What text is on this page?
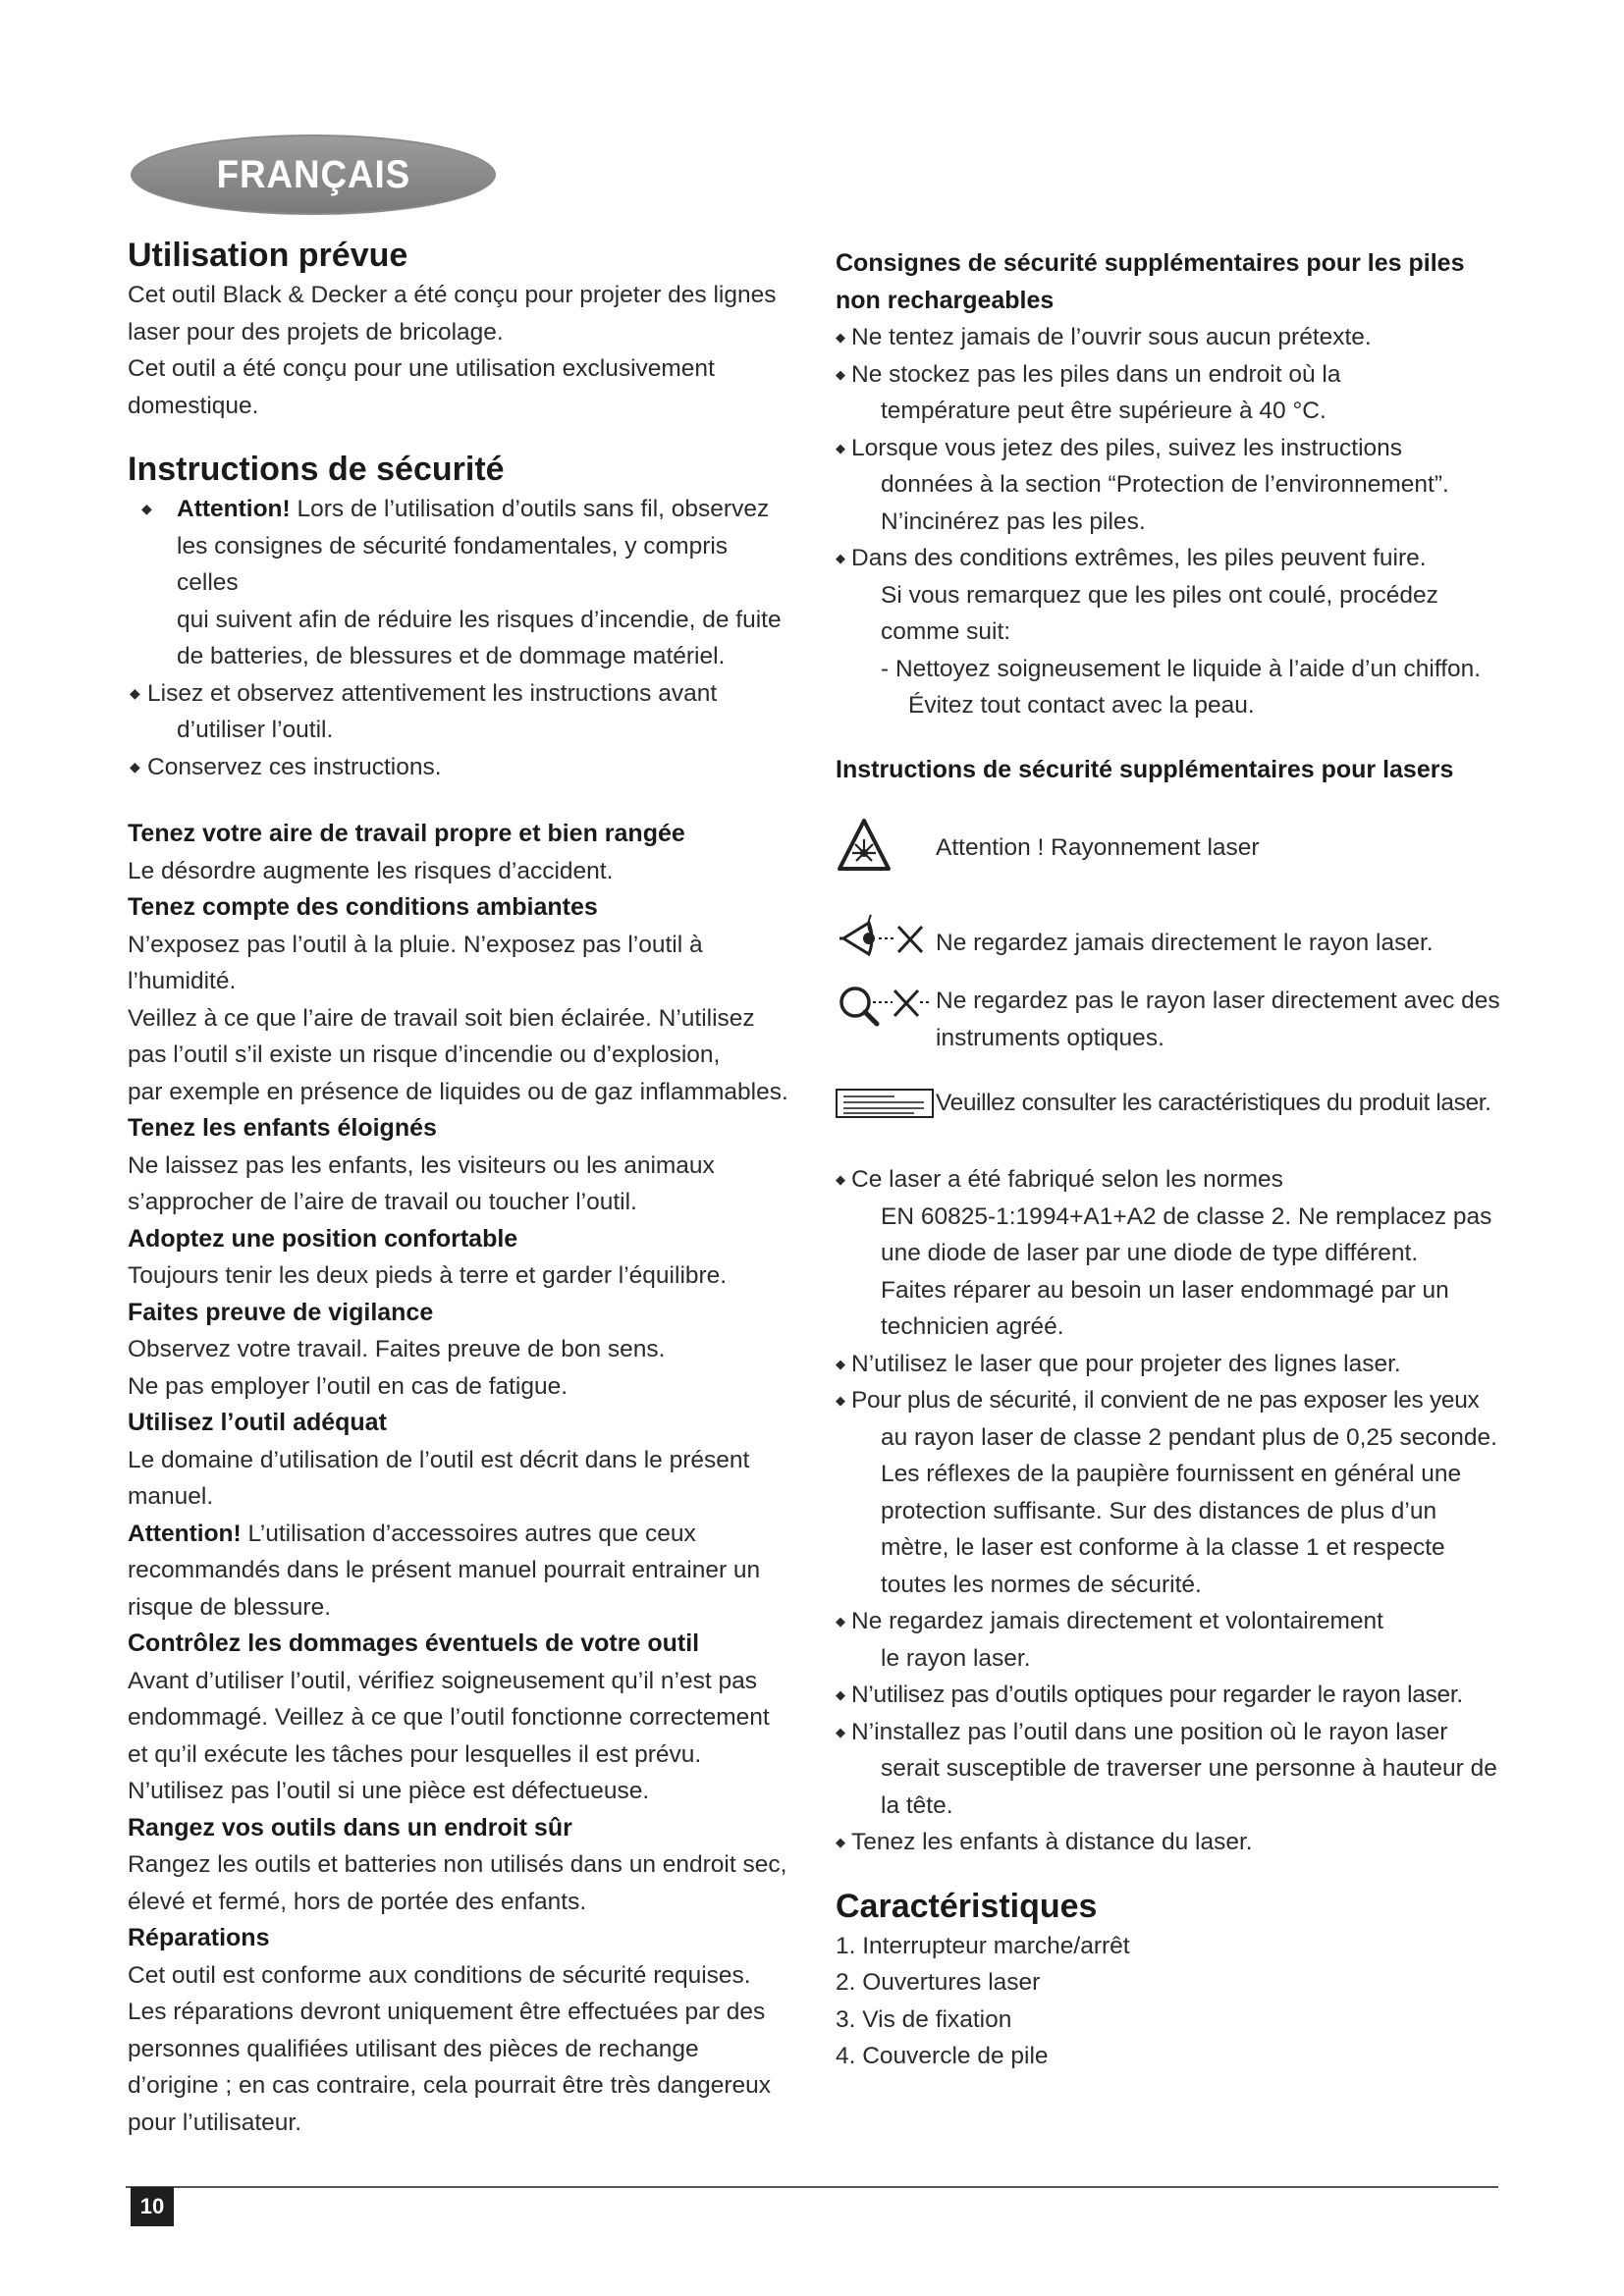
FRANÇAIS
Utilisation prévue

Cet outil Black & Decker a été conçu pour projeter des lignes

laser pour des projets de bricolage.

Cet outil a été conçu pour une utilisation exclusivement

domestique.

Instructions de sécurité
◆ Attention! Lors de l’utilisation d’outils sans fil, observez
les consignes de sécurité fondamentales, y compris celles
qui suivent afin de réduire les risques d’incendie, de fuite
de batteries, de blessures et de dommage matériel.
◆ Lisez et observez attentivement les instructions avant
d’utiliser l’outil.
◆ Conservez ces instructions.
Tenez votre aire de travail propre et bien rangée

Le désordre augmente les risques d’accident.

Tenez compte des conditions ambiantes

N’exposez pas l’outil à la pluie. N’exposez pas l’outil à l’humidité.

Veillez à ce que l’aire de travail soit bien éclairée. N’utilisez

pas l’outil s’il existe un risque d’incendie ou d’explosion,

par exemple en présence de liquides ou de gaz inflammables.

Tenez les enfants éloignés

Ne laissez pas les enfants, les visiteurs ou les animaux

s’approcher de l’aire de travail ou toucher l’outil.

Adoptez une position confortable

Toujours tenir les deux pieds à terre et garder l’équilibre.

Faites preuve de vigilance

Observez votre travail. Faites preuve de bon sens.

Ne pas employer l’outil en cas de fatigue.

Utilisez l’outil adéquat

Le domaine d’utilisation de l’outil est décrit dans le présent

manuel.

Attention! L’utilisation d’accessoires autres que ceux

recommandés dans le présent manuel pourrait entrainer un

risque de blessure.

Contrôlez les dommages éventuels de votre outil

Avant d’utiliser l’outil, vérifiez soigneusement qu’il n’est pas

endommagé. Veillez à ce que l’outil fonctionne correctement

et qu’il exécute les tâches pour lesquelles il est prévu.

N’utilisez pas l’outil si une pièce est défectueuse.

Rangez vos outils dans un endroit sûr

Rangez les outils et batteries non utilisés dans un endroit sec,

élevé et fermé, hors de portée des enfants.

Réparations

Cet outil est conforme aux conditions de sécurité requises.

Les réparations devront uniquement être effectuées par des

personnes qualifiées utilisant des pièces de rechange

d’origine ; en cas contraire, cela pourrait être très dangereux

pour l’utilisateur.

Consignes de sécurité supplémentaires pour les piles
non rechargeables
◆ Ne tentez jamais de l’ouvrir sous aucun prétexte.
◆ Ne stockez pas les piles dans un endroit où la
température peut être supérieure à 40 °C.
◆ Lorsque vous jetez des piles, suivez les instructions
données à la section “Protection de l’environnement”.
N’incinérez pas les piles.
◆ Dans des conditions extrêmes, les piles peuvent fuire.
Si vous remarquez que les piles ont coulé, procédez
comme suit:
- Nettoyez soigneusement le liquide à l’aide d’un chiffon.
Évitez tout contact avec la peau.
Instructions de sécurité supplémentaires pour lasers
Attention ! Rayonnement laser
Ne regardez jamais directement le rayon laser.
Ne regardez pas le rayon laser directement avec des
instruments optiques.
Veuillez consulter les caractéristiques du produit laser.
◆ Ce laser a été fabriqué selon les normes
EN 60825-1:1994+A1+A2 de classe 2. Ne remplacez pas
une diode de laser par une diode de type différent.
Faites réparer au besoin un laser endommagé par un
technicien agréé.
◆ N’utilisez le laser que pour projeter des lignes laser.
◆ Pour plus de sécurité, il convient de ne pas exposer les yeux
au rayon laser de classe 2 pendant plus de 0,25 seconde.
Les réflexes de la paupière fournissent en général une
protection suffisante. Sur des distances de plus d’un
mètre, le laser est conforme à la classe 1 et respecte
toutes les normes de sécurité.
◆ Ne regardez jamais directement et volontairement
le rayon laser.
◆ N’utilisez pas d’outils optiques pour regarder le rayon laser.
◆ N’installez pas l’outil dans une position où le rayon laser
serait susceptible de traverser une personne à hauteur de
la tête.
◆ Tenez les enfants à distance du laser.
Caractéristiques

1. Interrupteur marche/arrêt

2. Ouvertures laser

3. Vis de fixation

4. Couvercle de pile

10
